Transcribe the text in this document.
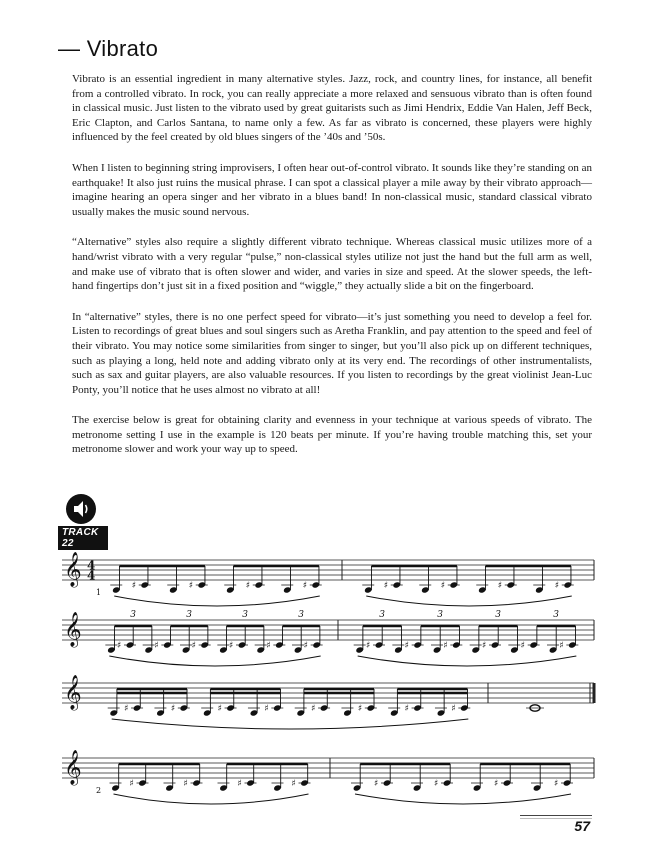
— Vibrato

Vibrato is an essential ingredient in many alternative styles. Jazz, rock, and country lines, for instance, all benefit from a controlled vibrato. In rock, you can really appreciate a more relaxed and sensuous vibrato than is often found in classical music. Just listen to the vibrato used by great guitarists such as Jimi Hendrix, Eddie Van Halen, Jeff Beck, Eric Clapton, and Carlos Santana, to name only a few. As far as vibrato is concerned, these players were highly influenced by the feel created by old blues singers of the ’40s and ’50s.

When I listen to beginning string improvisers, I often hear out-of-control vibrato. It sounds like they’re standing on an earthquake! It also just ruins the musical phrase. I can spot a classical player a mile away by their vibrato approach—imagine hearing an opera singer and her vibrato in a blues band! In non-classical music, standard classical vibrato usually makes the music sound nervous.

“Alternative” styles also require a slightly different vibrato technique. Whereas classical music utilizes more of a hand/wrist vibrato with a very regular “pulse,” non-classical styles utilize not just the hand but the full arm as well, and make use of vibrato that is often slower and wider, and varies in size and speed. At the slower speeds, the left-hand fingertips don’t just sit in a fixed position and “wiggle,” they actually slide a bit on the fingerboard.

In “alternative” styles, there is no one perfect speed for vibrato—it’s just something you need to develop a feel for. Listen to recordings of great blues and soul singers such as Aretha Franklin, and pay attention to the speed and feel of their vibrato. You may notice some similarities from singer to singer, but you’ll also pick up on different techniques, such as playing a long, held note and adding vibrato only at its very end. The recordings of other instrumentalists, such as sax and guitar players, are also valuable resources. If you listen to recordings by the great violinist Jean-Luc Ponty, you’ll notice that he uses almost no vibrato at all!

The exercise below is great for obtaining clarity and evenness in your technique at various speeds of vibrato. The metronome setting I use in the example is 120 beats per minute. If you’re having trouble matching this, set your metronome slower and work your way up to speed.

TRACK 22
𝄞 4
4
♯	♯	♯	♯	♯	♯	♯	♯
1
𝄞	♯	♯	♯	♯	♯	♯
3	3	3	3
♯	♯	♯	♯	♯	♯
3	3	3	3
𝄞	♯	♯	♯	♯	♯	♯	♯	♯
𝄞	♯	♯	♯	♯	♯	♯	♯	♯
2
57
